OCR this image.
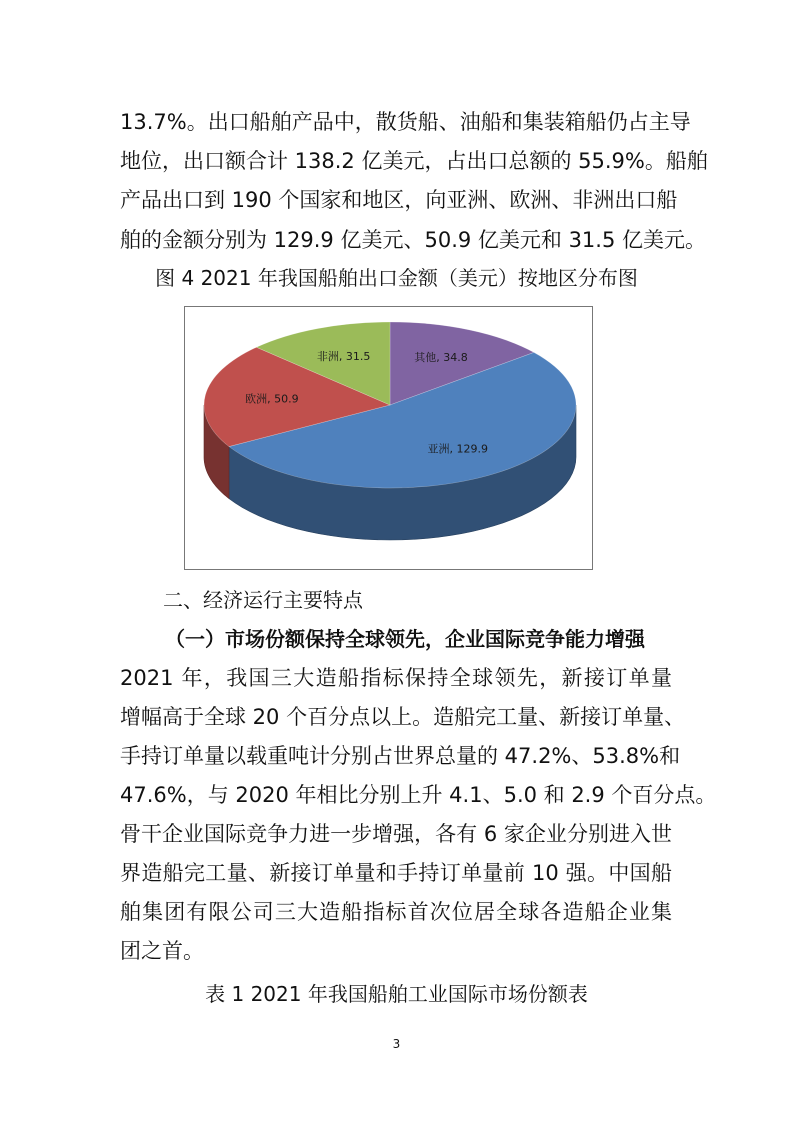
13.7%。出口船舶产品中，散货船、油船和集装箱船仍占主导
地位，出口额合计 138.2 亿美元，占出口总额的 55.9%。船舶
产品出口到 190 个国家和地区，向亚洲、欧洲、非洲出口船
舶的金额分别为 129.9 亿美元、50.9 亿美元和 31.5 亿美元。
图 4 2021 年我国船舶出口金额（美元）按地区分布图
其他, 34.8
亚洲, 129.9
欧洲, 50.9
非洲, 31.5
二、经济运行主要特点
（一）市场份额保持全球领先，企业国际竞争能力增强
2021 年，我国三大造船指标保持全球领先，新接订单量
增幅高于全球 20 个百分点以上。造船完工量、新接订单量、
手持订单量以载重吨计分别占世界总量的 47.2%、53.8%和
47.6%，与 2020 年相比分别上升 4.1、5.0 和 2.9 个百分点。
骨干企业国际竞争力进一步增强，各有 6 家企业分别进入世
界造船完工量、新接订单量和手持订单量前 10 强。中国船
舶集团有限公司三大造船指标首次位居全球各造船企业集
团之首。
表 1 2021 年我国船舶工业国际市场份额表
3
